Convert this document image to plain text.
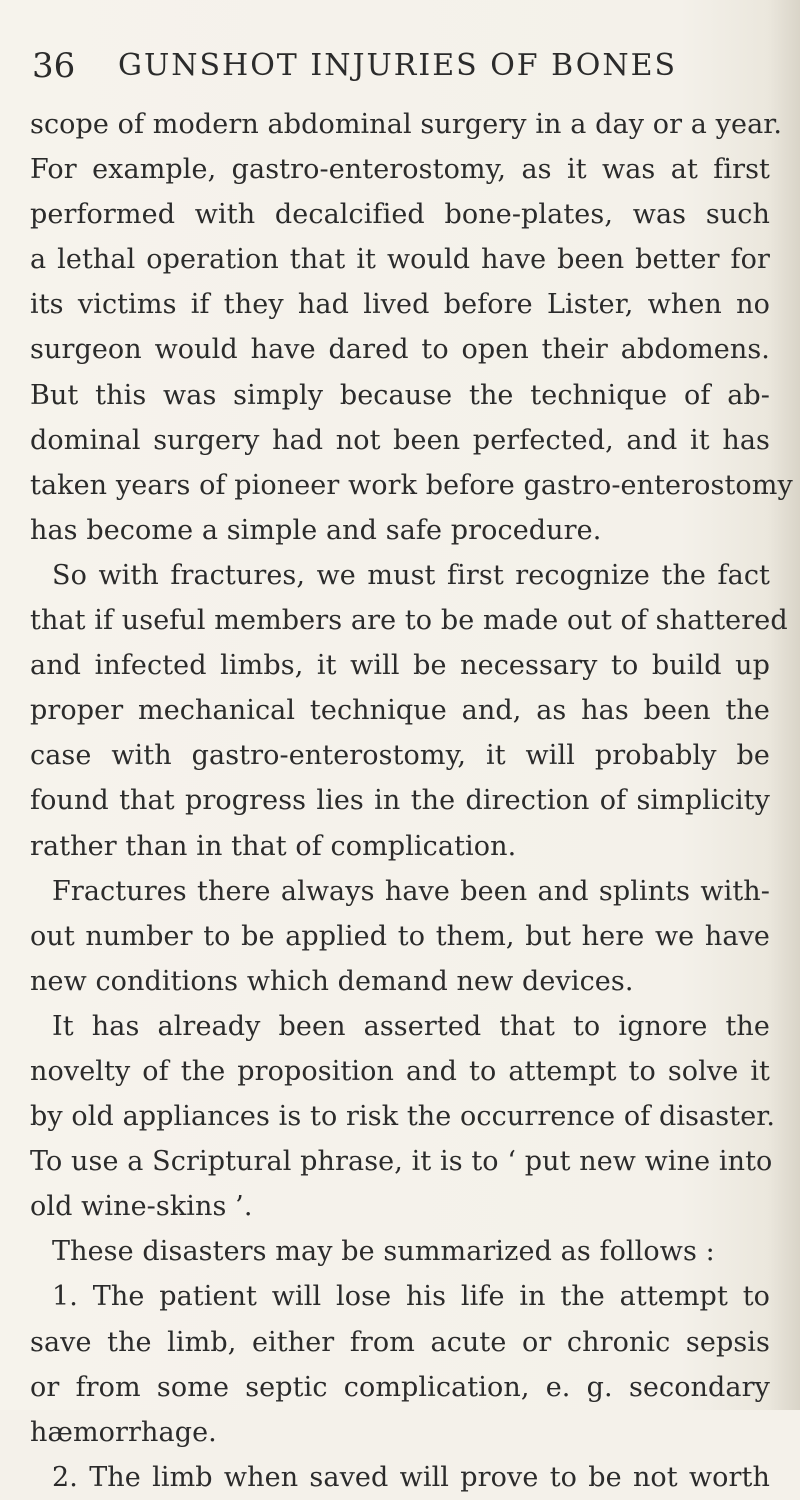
36 GUNSHOT INJURIES OF BONES
scope of modern abdominal surgery in a day or a year.
For example, gastro-enterostomy, as it was at first
performed with decalcified bone-plates, was such
a lethal operation that it would have been better for
its victims if they had lived before Lister, when no
surgeon would have dared to open their abdomens.
But this was simply because the technique of ab-
dominal surgery had not been perfected, and it has
taken years of pioneer work before gastro-enterostomy
has become a simple and safe procedure.
So with fractures, we must first recognize the fact
that if useful members are to be made out of shattered
and infected limbs, it will be necessary to build up
proper mechanical technique and, as has been the
case with gastro-enterostomy, it will probably be
found that progress lies in the direction of simplicity
rather than in that of complication.
Fractures there always have been and splints with-
out number to be applied to them, but here we have
new conditions which demand new devices.
It has already been asserted that to ignore the
novelty of the proposition and to attempt to solve it
by old appliances is to risk the occurrence of disaster.
To use a Scriptural phrase, it is to ‘ put new wine into
old wine-skins ’.
These disasters may be summarized as follows :
1. The patient will lose his life in the attempt to
save the limb, either from acute or chronic sepsis
or from some septic complication, e. g. secondary
hæmorrhage.
2. The limb when saved will prove to be not worth
